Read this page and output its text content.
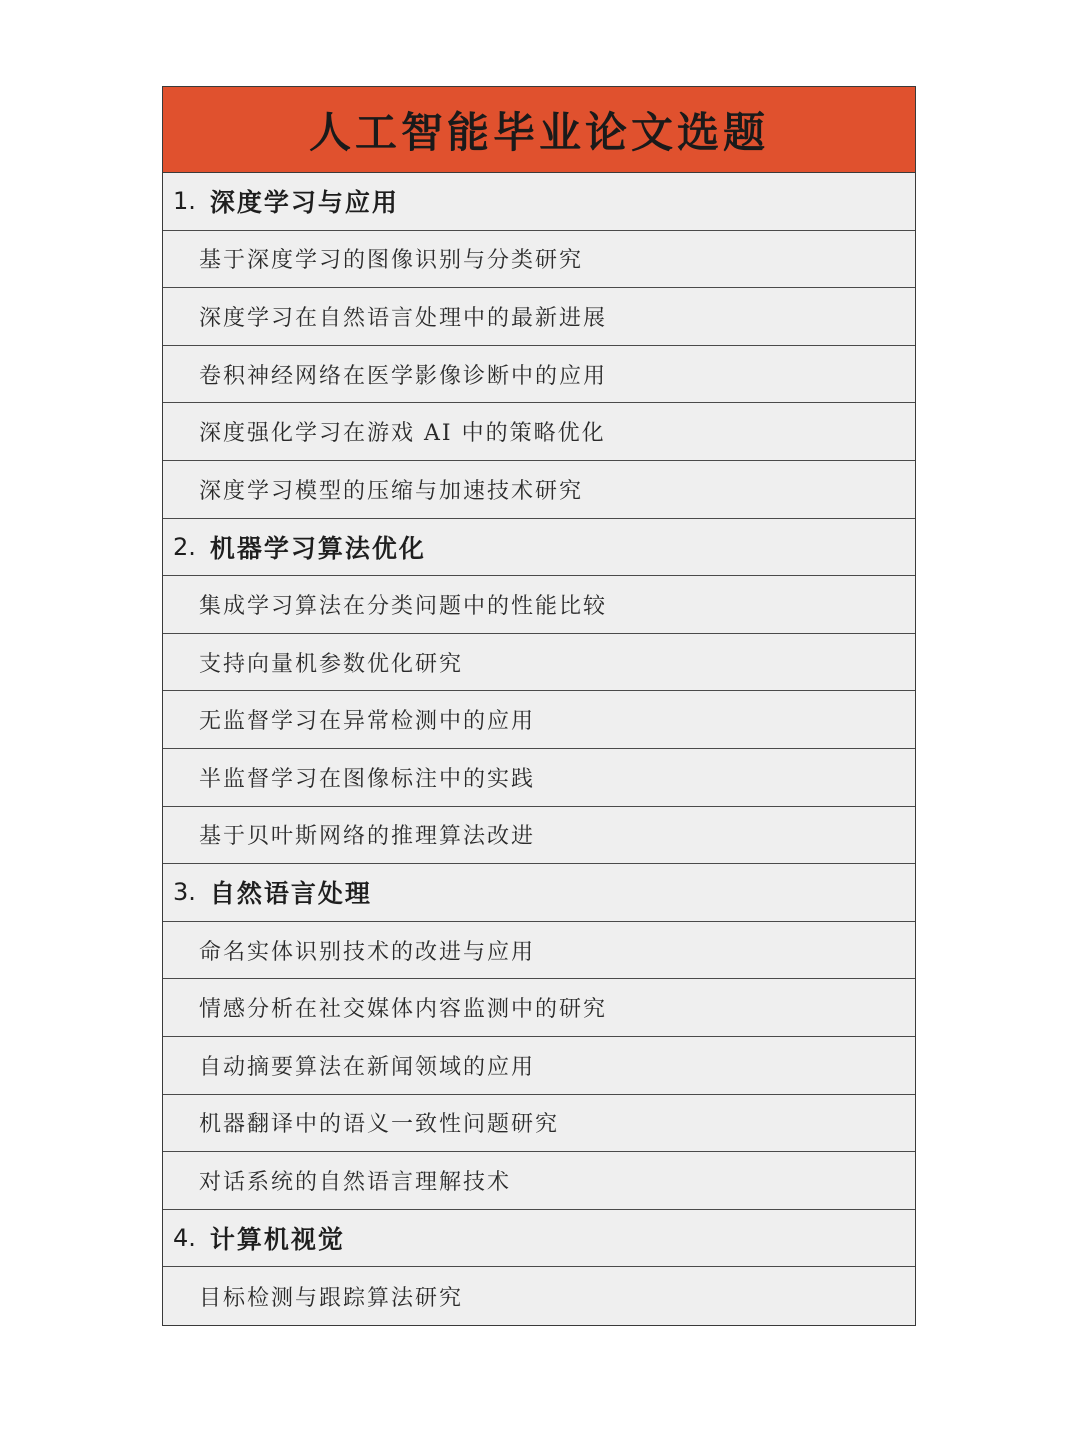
人工智能毕业论文选题
1. 深度学习与应用
基于深度学习的图像识别与分类研究
深度学习在自然语言处理中的最新进展
卷积神经网络在医学影像诊断中的应用
深度强化学习在游戏 AI 中的策略优化
深度学习模型的压缩与加速技术研究
2. 机器学习算法优化
集成学习算法在分类问题中的性能比较
支持向量机参数优化研究
无监督学习在异常检测中的应用
半监督学习在图像标注中的实践
基于贝叶斯网络的推理算法改进
3. 自然语言处理
命名实体识别技术的改进与应用
情感分析在社交媒体内容监测中的研究
自动摘要算法在新闻领域的应用
机器翻译中的语义一致性问题研究
对话系统的自然语言理解技术
4. 计算机视觉
目标检测与跟踪算法研究
